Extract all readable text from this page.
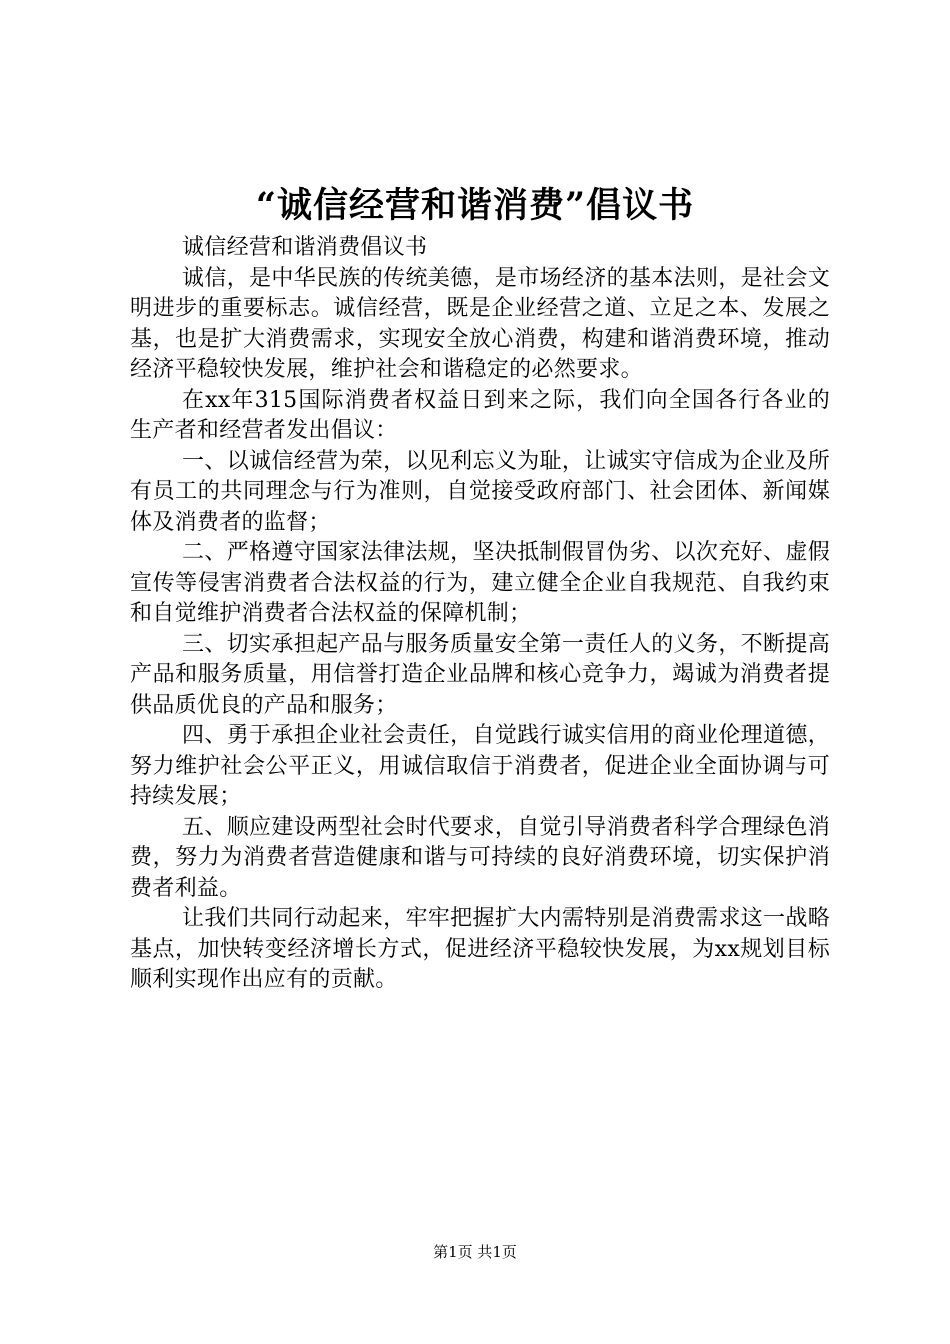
“诚信经营和谐消费”倡议书

诚信经营和谐消费倡议书

诚信，是中华民族的传统美德，是市场经济的基本法则，是社会文明进步的重要标志。诚信经营，既是企业经营之道、立足之本、发展之基，也是扩大消费需求，实现安全放心消费，构建和谐消费环境，推动经济平稳较快发展，维护社会和谐稳定的必然要求。

在xx年315国际消费者权益日到来之际，我们向全国各行各业的生产者和经营者发出倡议：

一、以诚信经营为荣，以见利忘义为耻，让诚实守信成为企业及所有员工的共同理念与行为准则，自觉接受政府部门、社会团体、新闻媒体及消费者的监督；

二、严格遵守国家法律法规，坚决抵制假冒伪劣、以次充好、虚假宣传等侵害消费者合法权益的行为，建立健全企业自我规范、自我约束和自觉维护消费者合法权益的保障机制；

三、切实承担起产品与服务质量安全第一责任人的义务，不断提高产品和服务质量，用信誉打造企业品牌和核心竞争力，竭诚为消费者提供品质优良的产品和服务；

四、勇于承担企业社会责任，自觉践行诚实信用的商业伦理道德，努力维护社会公平正义，用诚信取信于消费者，促进企业全面协调与可持续发展；

五、顺应建设两型社会时代要求，自觉引导消费者科学合理绿色消费，努力为消费者营造健康和谐与可持续的良好消费环境，切实保护消费者利益。

让我们共同行动起来，牢牢把握扩大内需特别是消费需求这一战略基点，加快转变经济增长方式，促进经济平稳较快发展，为xx规划目标顺利实现作出应有的贡献。

第1页 共1页
